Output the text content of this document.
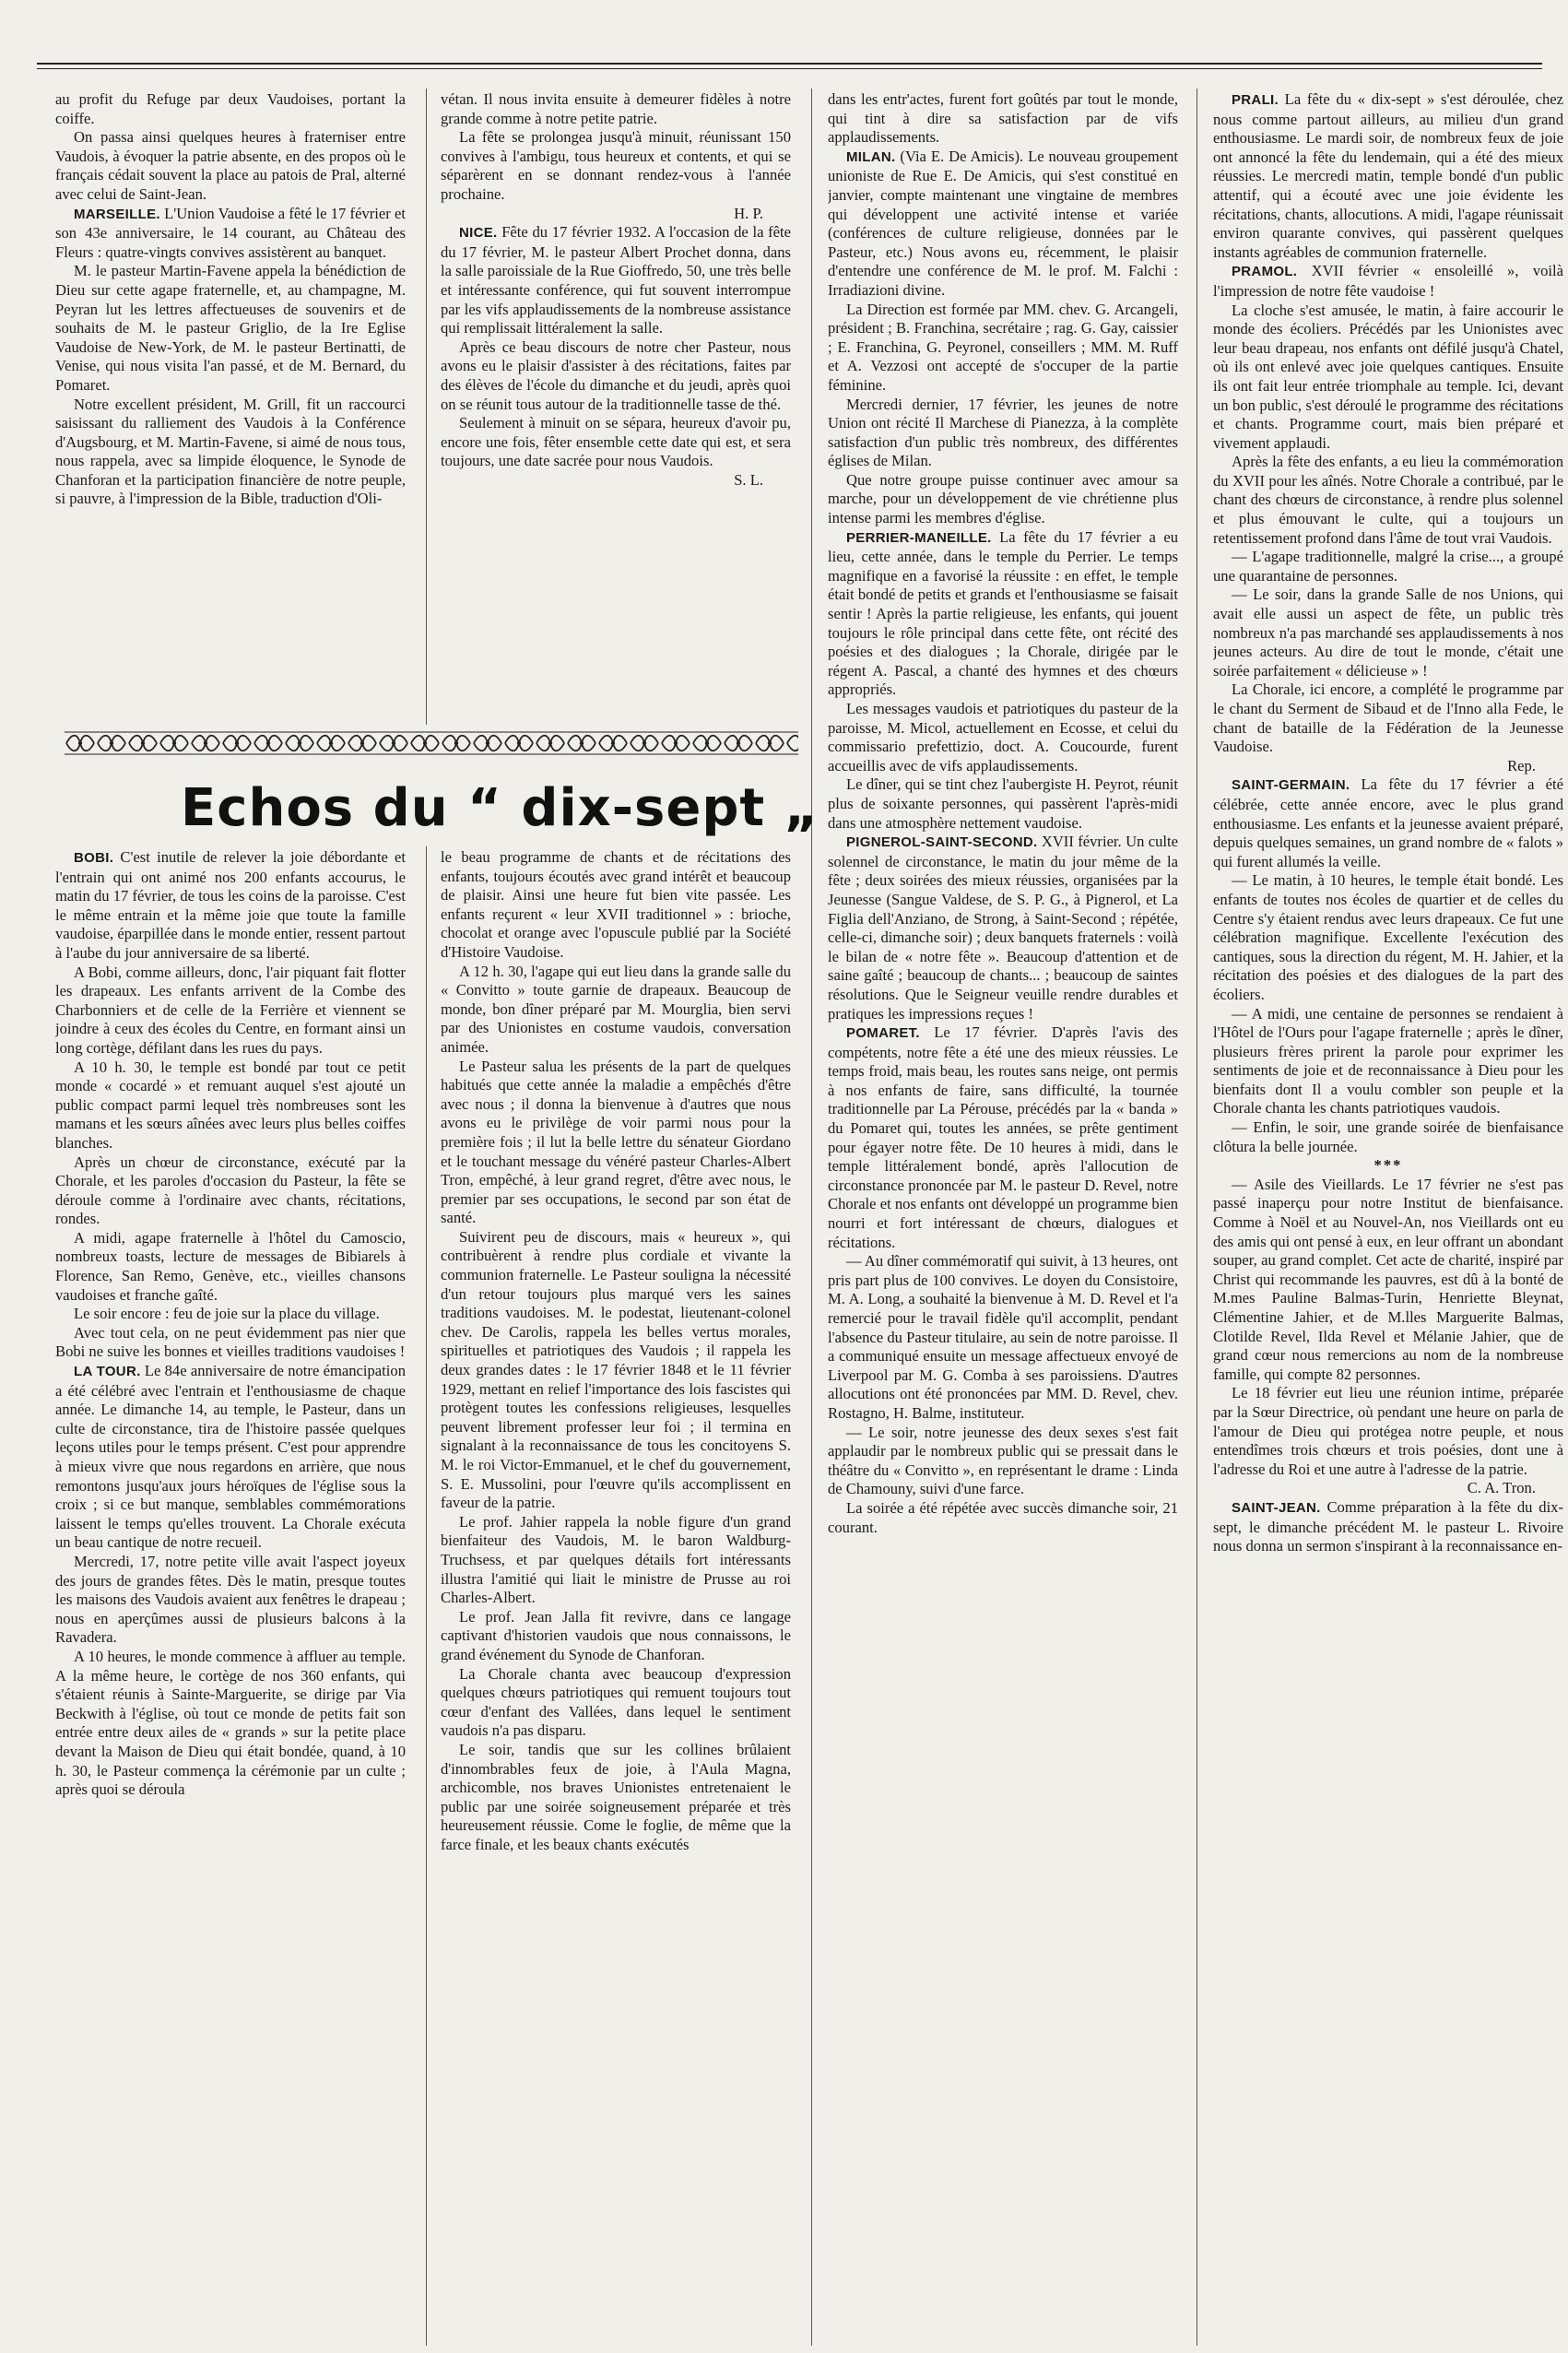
au profit du Refuge par deux Vaudoises, portant la coiffe.

On passa ainsi quelques heures à fraterniser entre Vaudois, à évoquer la patrie absente, en des propos où le français cédait souvent la place au patois de Pral, alterné avec celui de Saint-Jean.

MARSEILLE. L'Union Vaudoise a fêté le 17 février et son 43e anniversaire, le 14 courant, au Château des Fleurs : quatre-vingts convives assistèrent au banquet.

M. le pasteur Martin-Favene appela la bénédiction de Dieu sur cette agape fraternelle, et, au champagne, M. Peyran lut les lettres affectueuses de souvenirs et de souhaits de M. le pasteur Griglio, de la Ire Eglise Vaudoise de New-York, de M. le pasteur Bertinatti, de Venise, qui nous visita l'an passé, et de M. Bernard, du Pomaret.

Notre excellent président, M. Grill, fit un raccourci saisissant du ralliement des Vaudois à la Conférence d'Augsbourg, et M. Martin-Favene, si aimé de nous tous, nous rappela, avec sa limpide éloquence, le Synode de Chanforan et la participation financière de notre peuple, si pauvre, à l'impression de la Bible, traduction d'Oli-

vétan. Il nous invita ensuite à demeurer fidèles à notre grande comme à notre petite patrie.

La fête se prolongea jusqu'à minuit, réunissant 150 convives à l'ambigu, tous heureux et contents, et qui se séparèrent en se donnant rendez-vous à l'année prochaine.

H. P.

NICE. Fête du 17 février 1932. A l'occasion de la fête du 17 février, M. le pasteur Albert Prochet donna, dans la salle paroissiale de la Rue Gioffredo, 50, une très belle et intéressante conférence, qui fut souvent interrompue par les vifs applaudissements de la nombreuse assistance qui remplissait littéralement la salle.

Après ce beau discours de notre cher Pasteur, nous avons eu le plaisir d'assister à des récitations, faites par des élèves de l'école du dimanche et du jeudi, après quoi on se réunit tous autour de la traditionnelle tasse de thé.

Seulement à minuit on se sépara, heureux d'avoir pu, encore une fois, fêter ensemble cette date qui est, et sera toujours, une date sacrée pour nous Vaudois.

S. L.

dans les entr'actes, furent fort goûtés par tout le monde, qui tint à dire sa satisfaction par de vifs applaudissements.

MILAN. (Via E. De Amicis). Le nouveau groupement unioniste de Rue E. De Amicis, qui s'est constitué en janvier, compte maintenant une vingtaine de membres qui développent une activité intense et variée (conférences de culture religieuse, données par le Pasteur, etc.) Nous avons eu, récemment, le plaisir d'entendre une conférence de M. le prof. M. Falchi : Irradiazioni divine.

La Direction est formée par MM. chev. G. Arcangeli, président ; B. Franchina, secrétaire ; rag. G. Gay, caissier ; E. Franchina, G. Peyronel, conseillers ; MM. M. Ruff et A. Vezzosi ont accepté de s'occuper de la partie féminine.

Mercredi dernier, 17 février, les jeunes de notre Union ont récité Il Marchese di Pianezza, à la complète satisfaction d'un public très nombreux, des différentes églises de Milan.

Que notre groupe puisse continuer avec amour sa marche, pour un développement de vie chrétienne plus intense parmi les membres d'église.

PERRIER-MANEILLE. La fête du 17 février a eu lieu, cette année, dans le temple du Perrier. Le temps magnifique en a favorisé la réussite : en effet, le temple était bondé de petits et grands et l'enthousiasme se faisait sentir ! Après la partie religieuse, les enfants, qui jouent toujours le rôle principal dans cette fête, ont récité des poésies et des dialogues ; la Chorale, dirigée par le régent A. Pascal, a chanté des hymnes et des chœurs appropriés.

Les messages vaudois et patriotiques du pasteur de la paroisse, M. Micol, actuellement en Ecosse, et celui du commissario prefettizio, doct. A. Coucourde, furent accueillis avec de vifs applaudissements.

Le dîner, qui se tint chez l'aubergiste H. Peyrot, réunit plus de soixante personnes, qui passèrent l'après-midi dans une atmosphère nettement vaudoise.

PIGNEROL-SAINT-SECOND. XVII février. Un culte solennel de circonstance, le matin du jour même de la fête ; deux soirées des mieux réussies, organisées par la Jeunesse (Sangue Valdese, de S. P. G., à Pignerol, et La Figlia dell'Anziano, de Strong, à Saint-Second ; répétée, celle-ci, dimanche soir) ; deux banquets fraternels : voilà le bilan de « notre fête ». Beaucoup d'attention et de saine gaîté ; beaucoup de chants... ; beaucoup de saintes résolutions. Que le Seigneur veuille rendre durables et pratiques les impressions reçues !

POMARET. Le 17 février. D'après l'avis des compétents, notre fête a été une des mieux réussies. Le temps froid, mais beau, les routes sans neige, ont permis à nos enfants de faire, sans difficulté, la tournée traditionnelle par La Pérouse, précédés par la « banda » du Pomaret qui, toutes les années, se prête gentiment pour égayer notre fête. De 10 heures à midi, dans le temple littéralement bondé, après l'allocution de circonstance prononcée par M. le pasteur D. Revel, notre Chorale et nos enfants ont développé un programme bien nourri et fort intéressant de chœurs, dialogues et récitations.

— Au dîner commémoratif qui suivit, à 13 heures, ont pris part plus de 100 convives. Le doyen du Consistoire, M. A. Long, a souhaité la bienvenue à M. D. Revel et l'a remercié pour le travail fidèle qu'il accomplit, pendant l'absence du Pasteur titulaire, au sein de notre paroisse. Il a communiqué ensuite un message affectueux envoyé de Liverpool par M. G. Comba à ses paroissiens. D'autres allocutions ont été prononcées par MM. D. Revel, chev. Rostagno, H. Balme, instituteur.

— Le soir, notre jeunesse des deux sexes s'est fait applaudir par le nombreux public qui se pressait dans le théâtre du « Convitto », en représentant le drame : Linda de Chamouny, suivi d'une farce.

La soirée a été répétée avec succès dimanche soir, 21 courant.

PRALI. La fête du « dix-sept » s'est déroulée, chez nous comme partout ailleurs, au milieu d'un grand enthousiasme. Le mardi soir, de nombreux feux de joie ont annoncé la fête du lendemain, qui a été des mieux réussies. Le mercredi matin, temple bondé d'un public attentif, qui a écouté avec une joie évidente les récitations, chants, allocutions. A midi, l'agape réunissait environ quarante convives, qui passèrent quelques instants agréables de communion fraternelle.

PRAMOL. XVII février « ensoleillé », voilà l'impression de notre fête vaudoise !

La cloche s'est amusée, le matin, à faire accourir le monde des écoliers. Précédés par les Unionistes avec leur beau drapeau, nos enfants ont défilé jusqu'à Chatel, où ils ont enlevé avec joie quelques cantiques. Ensuite ils ont fait leur entrée triomphale au temple. Ici, devant un bon public, s'est déroulé le programme des récitations et chants. Programme court, mais bien préparé et vivement applaudi.

Après la fête des enfants, a eu lieu la commémoration du XVII pour les aînés. Notre Chorale a contribué, par le chant des chœurs de circonstance, à rendre plus solennel et plus émouvant le culte, qui a toujours un retentissement profond dans l'âme de tout vrai Vaudois.

— L'agape traditionnelle, malgré la crise..., a groupé une quarantaine de personnes.

— Le soir, dans la grande Salle de nos Unions, qui avait elle aussi un aspect de fête, un public très nombreux n'a pas marchandé ses applaudissements à nos jeunes acteurs. Au dire de tout le monde, c'était une soirée parfaitement « délicieuse » !

La Chorale, ici encore, a complété le programme par le chant du Serment de Sibaud et de l'Inno alla Fede, le chant de bataille de la Fédération de la Jeunesse Vaudoise.

Rep.

SAINT-GERMAIN. La fête du 17 février a été célébrée, cette année encore, avec le plus grand enthousiasme. Les enfants et la jeunesse avaient préparé, depuis quelques semaines, un grand nombre de « falots » qui furent allumés la veille.

— Le matin, à 10 heures, le temple était bondé. Les enfants de toutes nos écoles de quartier et de celles du Centre s'y étaient rendus avec leurs drapeaux. Ce fut une célébration magnifique. Excellente l'exécution des cantiques, sous la direction du régent, M. H. Jahier, et la récitation des poésies et des dialogues de la part des écoliers.

— A midi, une centaine de personnes se rendaient à l'Hôtel de l'Ours pour l'agape fraternelle ; après le dîner, plusieurs frères prirent la parole pour exprimer les sentiments de joie et de reconnaissance à Dieu pour les bienfaits dont Il a voulu combler son peuple et la Chorale chanta les chants patriotiques vaudois.

— Enfin, le soir, une grande soirée de bienfaisance clôtura la belle journée.

***

— Asile des Vieillards. Le 17 février ne s'est pas passé inaperçu pour notre Institut de bienfaisance. Comme à Noël et au Nouvel-An, nos Vieillards ont eu des amis qui ont pensé à eux, en leur offrant un abondant souper, au grand complet. Cet acte de charité, inspiré par Christ qui recommande les pauvres, est dû à la bonté de M.mes Pauline Balmas-Turin, Henriette Bleynat, Clémentine Jahier, et de M.lles Marguerite Balmas, Clotilde Revel, Ilda Revel et Mélanie Jahier, que de grand cœur nous remercions au nom de la nombreuse famille, qui compte 82 personnes.

Le 18 février eut lieu une réunion intime, préparée par la Sœur Directrice, où pendant une heure on parla de l'amour de Dieu qui protégea notre peuple, et nous entendîmes trois chœurs et trois poésies, dont une à l'adresse du Roi et une autre à l'adresse de la patrie.

C. A. Tron.

SAINT-JEAN. Comme préparation à la fête du dix-sept, le dimanche précédent M. le pasteur L. Rivoire nous donna un sermon s'inspirant à la reconnaissance en-

BOBI. C'est inutile de relever la joie débordante et l'entrain qui ont animé nos 200 enfants accourus, le matin du 17 février, de tous les coins de la paroisse. C'est le même entrain et la même joie que toute la famille vaudoise, éparpillée dans le monde entier, ressent partout à l'aube du jour anniversaire de sa liberté.

A Bobi, comme ailleurs, donc, l'air piquant fait flotter les drapeaux. Les enfants arrivent de la Combe des Charbonniers et de celle de la Ferrière et viennent se joindre à ceux des écoles du Centre, en formant ainsi un long cortège, défilant dans les rues du pays.

A 10 h. 30, le temple est bondé par tout ce petit monde « cocardé » et remuant auquel s'est ajouté un public compact parmi lequel très nombreuses sont les mamans et les sœurs aînées avec leurs plus belles coiffes blanches.

Après un chœur de circonstance, exécuté par la Chorale, et les paroles d'occasion du Pasteur, la fête se déroule comme à l'ordinaire avec chants, récitations, rondes.

A midi, agape fraternelle à l'hôtel du Camoscio, nombreux toasts, lecture de messages de Bibiarels à Florence, San Remo, Genève, etc., vieilles chansons vaudoises et franche gaîté.

Le soir encore : feu de joie sur la place du village.

Avec tout cela, on ne peut évidemment pas nier que Bobi ne suive les bonnes et vieilles traditions vaudoises !

LA TOUR. Le 84e anniversaire de notre émancipation a été célébré avec l'entrain et l'enthousiasme de chaque année. Le dimanche 14, au temple, le Pasteur, dans un culte de circonstance, tira de l'histoire passée quelques leçons utiles pour le temps présent. C'est pour apprendre à mieux vivre que nous regardons en arrière, que nous remontons jusqu'aux jours héroïques de l'église sous la croix ; si ce but manque, semblables commémorations laissent le temps qu'elles trouvent. La Chorale exécuta un beau cantique de notre recueil.

Mercredi, 17, notre petite ville avait l'aspect joyeux des jours de grandes fêtes. Dès le matin, presque toutes les maisons des Vaudois avaient aux fenêtres le drapeau ; nous en aperçûmes aussi de plusieurs balcons à la Ravadera.

A 10 heures, le monde commence à affluer au temple. A la même heure, le cortège de nos 360 enfants, qui s'étaient réunis à Sainte-Marguerite, se dirige par Via Beckwith à l'église, où tout ce monde de petits fait son entrée entre deux ailes de « grands » sur la petite place devant la Maison de Dieu qui était bondée, quand, à 10 h. 30, le Pasteur commença la cérémonie par un culte ; après quoi se déroula

le beau programme de chants et de récitations des enfants, toujours écoutés avec grand intérêt et beaucoup de plaisir. Ainsi une heure fut bien vite passée. Les enfants reçurent « leur XVII traditionnel » : brioche, chocolat et orange avec l'opuscule publié par la Société d'Histoire Vaudoise.

A 12 h. 30, l'agape qui eut lieu dans la grande salle du « Convitto » toute garnie de drapeaux. Beaucoup de monde, bon dîner préparé par M. Mourglia, bien servi par des Unionistes en costume vaudois, conversation animée.

Le Pasteur salua les présents de la part de quelques habitués que cette année la maladie a empêchés d'être avec nous ; il donna la bienvenue à d'autres que nous avons eu le privilège de voir parmi nous pour la première fois ; il lut la belle lettre du sénateur Giordano et le touchant message du vénéré pasteur Charles-Albert Tron, empêché, à leur grand regret, d'être avec nous, le premier par ses occupations, le second par son état de santé.

Suivirent peu de discours, mais « heureux », qui contribuèrent à rendre plus cordiale et vivante la communion fraternelle. Le Pasteur souligna la nécessité d'un retour toujours plus marqué vers les saines traditions vaudoises. M. le podestat, lieutenant-colonel chev. De Carolis, rappela les belles vertus morales, spirituelles et patriotiques des Vaudois ; il rappela les deux grandes dates : le 17 février 1848 et le 11 février 1929, mettant en relief l'importance des lois fascistes qui protègent toutes les confessions religieuses, lesquelles peuvent librement professer leur foi ; il termina en signalant à la reconnaissance de tous les concitoyens S. M. le roi Victor-Emmanuel, et le chef du gouvernement, S. E. Mussolini, pour l'œuvre qu'ils accomplissent en faveur de la patrie.

Le prof. Jahier rappela la noble figure d'un grand bienfaiteur des Vaudois, M. le baron Waldburg-Truchsess, et par quelques détails fort intéressants illustra l'amitié qui liait le ministre de Prusse au roi Charles-Albert.

Le prof. Jean Jalla fit revivre, dans ce langage captivant d'historien vaudois que nous connaissons, le grand événement du Synode de Chanforan.

La Chorale chanta avec beaucoup d'expression quelques chœurs patriotiques qui remuent toujours tout cœur d'enfant des Vallées, dans lequel le sentiment vaudois n'a pas disparu.

Le soir, tandis que sur les collines brûlaient d'innombrables feux de joie, à l'Aula Magna, archicomble, nos braves Unionistes entretenaient le public par une soirée soigneusement préparée et très heureusement réussie. Come le foglie, de même que la farce finale, et les beaux chants exécutés

Echos du “ dix-sept „
